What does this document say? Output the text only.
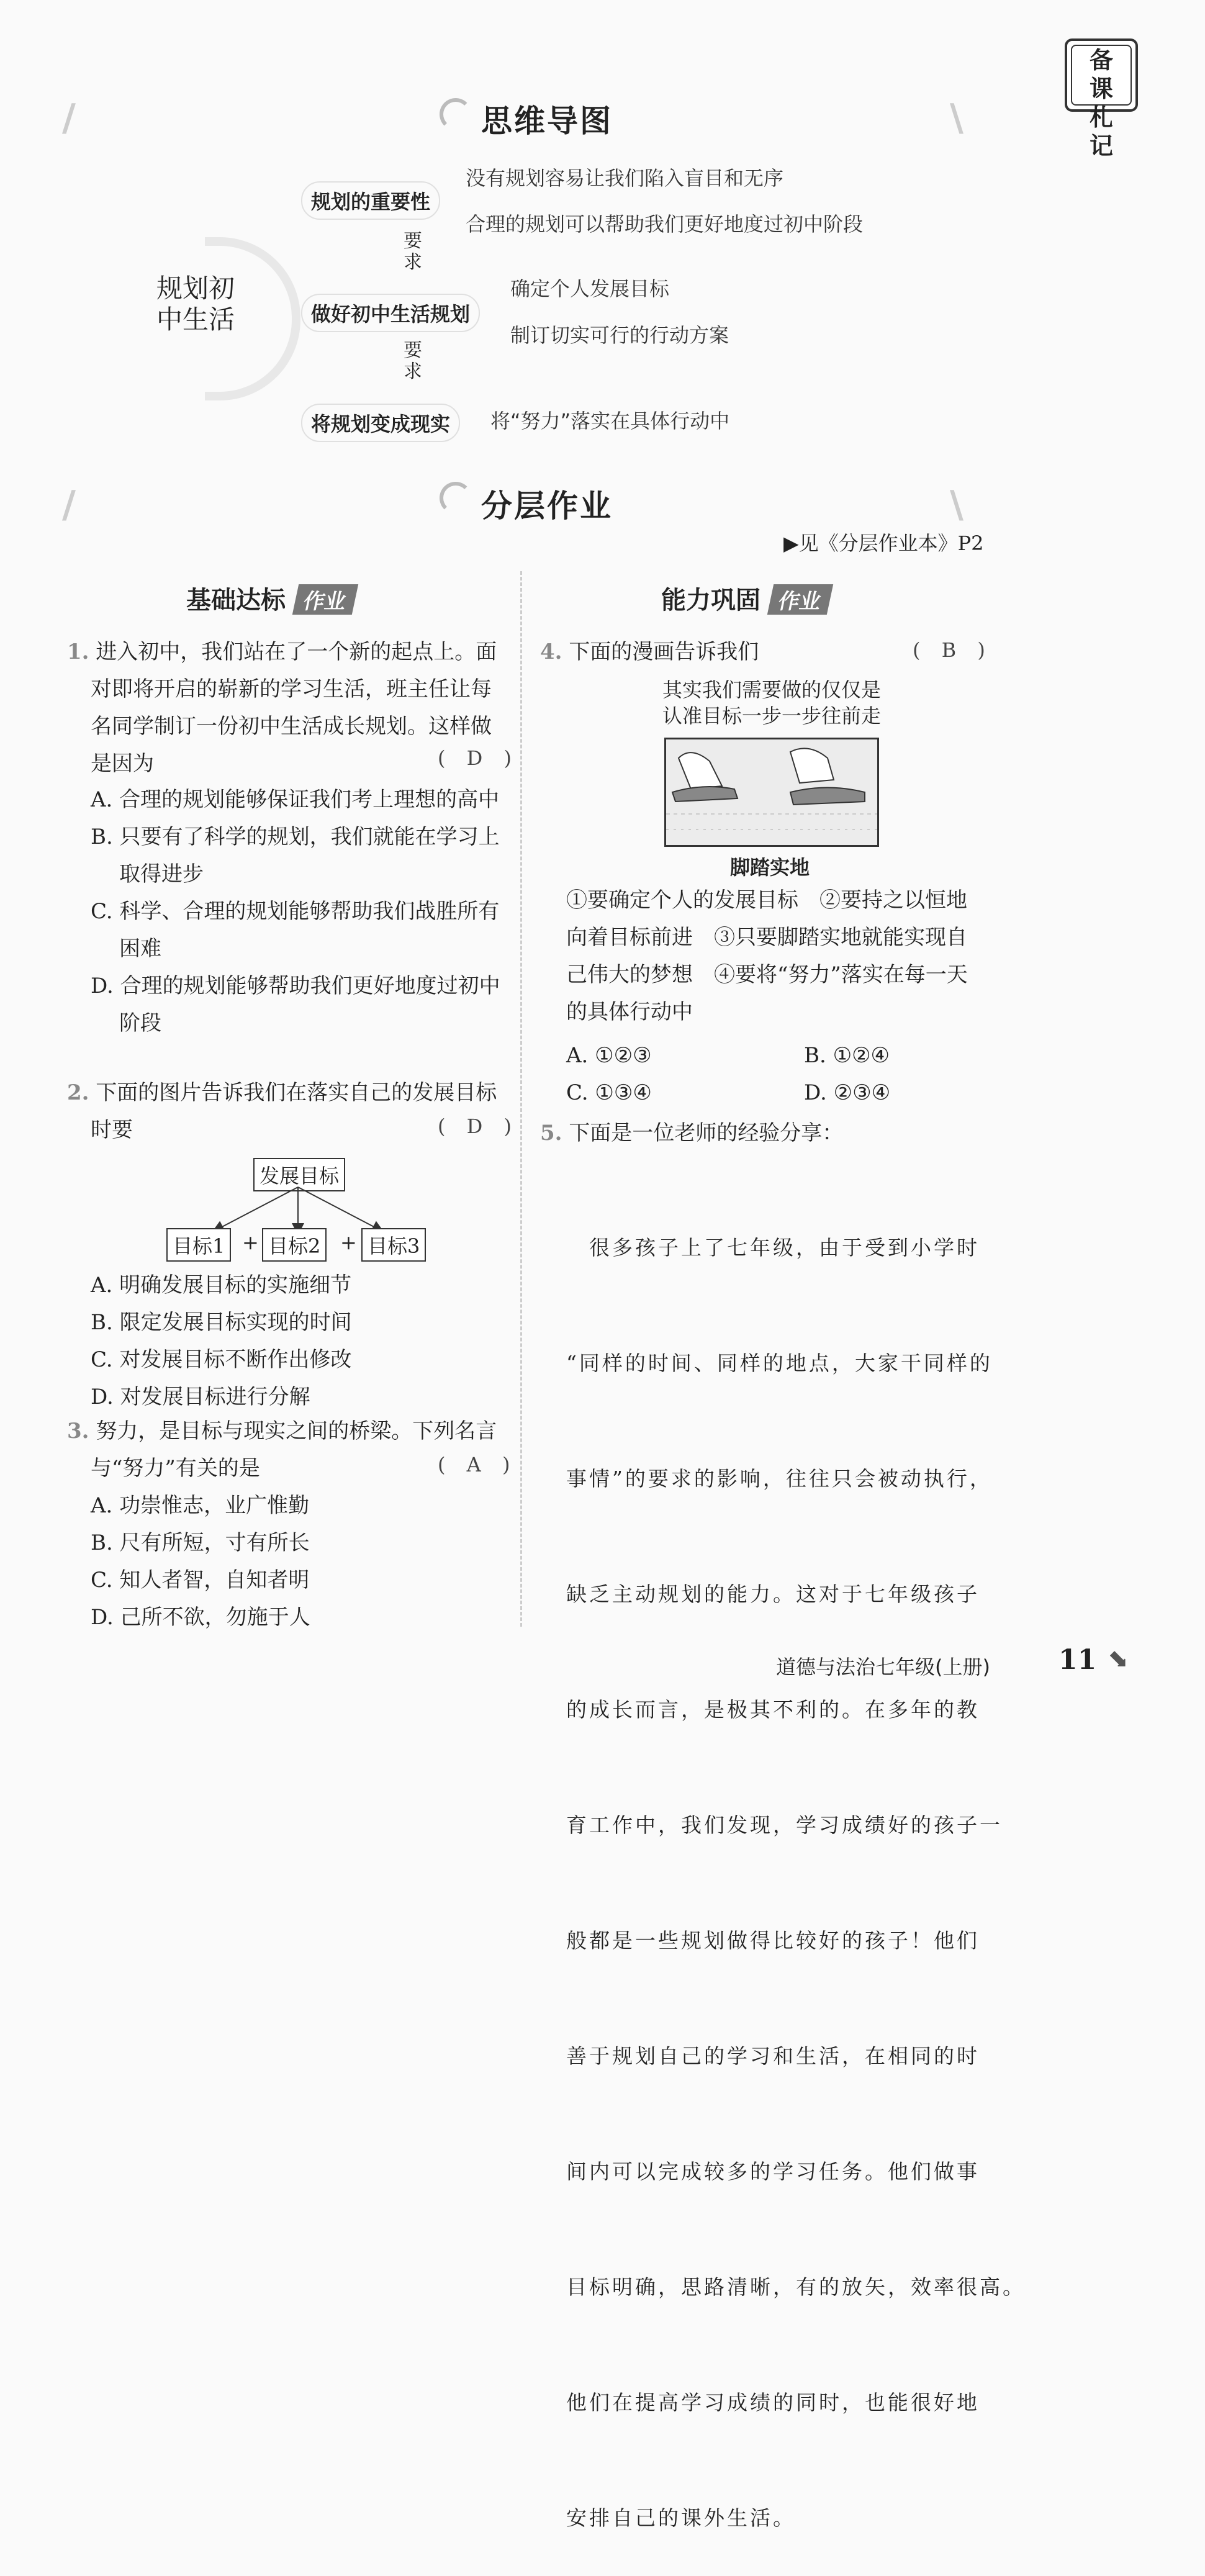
备
课
札
记
/	\
思维导图
规划初
中生活
规划的重要性
没有规划容易让我们陷入盲目和无序
合理的规划可以帮助我们更好地度过初中阶段
要求
做好初中生活规划
确定个人发展目标
制订切实可行的行动方案
要求
将规划变成现实	将“努力”落实在具体行动中
/	\
分层作业
▶见《分层作业本》P2
基础达标 作业	能力巩固 作业
1. 进入初中，我们站在了一个新的起点上。面
对即将开启的崭新的学习生活，班主任让每
名同学制订一份初中生活成长规划。这样做
是因为	( D )
A. 合理的规划能够保证我们考上理想的高中
B. 只要有了科学的规划，我们就能在学习上取得进步
C. 科学、合理的规划能够帮助我们战胜所有困难
D. 合理的规划能够帮助我们更好地度过初中阶段
2. 下面的图片告诉我们在落实自己的发展目标
时要	( D )
发展目标
目标1 + 目标2 + 目标3
A. 明确发展目标的实施细节
B. 限定发展目标实现的时间
C. 对发展目标不断作出修改
D. 对发展目标进行分解
3. 努力，是目标与现实之间的桥梁。下列名言
与“努力”有关的是	( A )
A. 功崇惟志，业广惟勤
B. 尺有所短，寸有所长
C. 知人者智，自知者明
D. 己所不欲，勿施于人
4. 下面的漫画告诉我们	( B )
其实我们需要做的仅仅是
认准目标一步一步往前走
脚踏实地
①要确定个人的发展目标　②要持之以恒地
向着目标前进　③只要脚踏实地就能实现自
己伟大的梦想　④要将“努力”落实在每一天
的具体行动中
A. ①②③	B. ①②④
C. ①③④	D. ②③④
5. 下面是一位老师的经验分享：

　很多孩子上了七年级，由于受到小学时

“同样的时间、同样的地点，大家干同样的

事情”的要求的影响，往往只会被动执行，

缺乏主动规划的能力。这对于七年级孩子

的成长而言，是极其不利的。在多年的教

育工作中，我们发现，学习成绩好的孩子一

般都是一些规划做得比较好的孩子！他们

善于规划自己的学习和生活，在相同的时

间内可以完成较多的学习任务。他们做事

目标明确，思路清晰，有的放矢，效率很高。

他们在提高学习成绩的同时，也能很好地

安排自己的课外生活。

道德与法治七年级(上册)	11 ⬊
